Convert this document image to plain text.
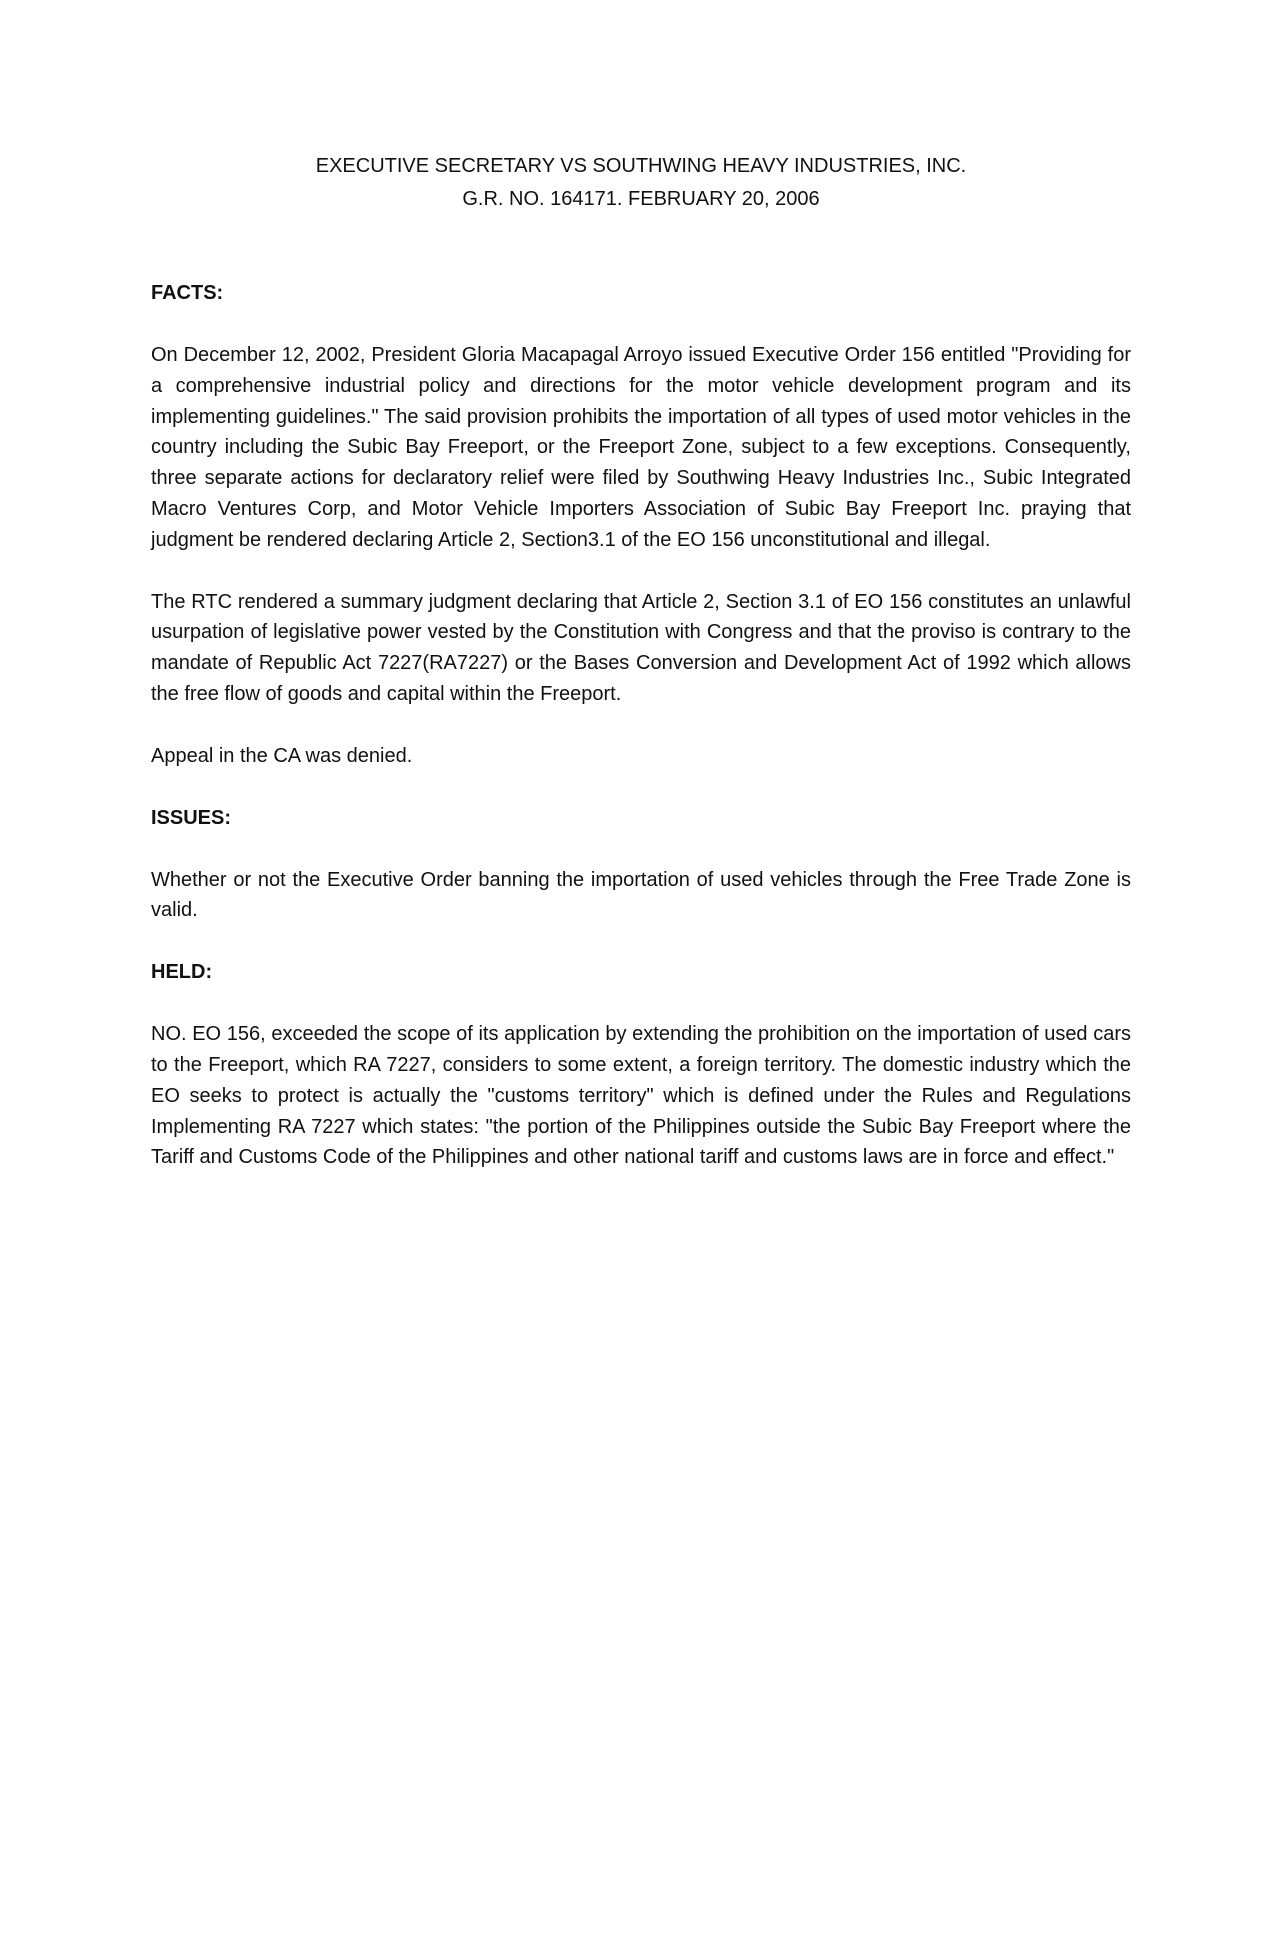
EXECUTIVE SECRETARY VS SOUTHWING HEAVY INDUSTRIES, INC.
G.R. NO. 164171. FEBRUARY 20, 2006

FACTS:

On December 12, 2002, President Gloria Macapagal Arroyo issued Executive Order 156 entitled "Providing for a comprehensive industrial policy and directions for the motor vehicle development program and its implementing guidelines." The said provision prohibits the importation of all types of used motor vehicles in the country including the Subic Bay Freeport, or the Freeport Zone, subject to a few exceptions. Consequently, three separate actions for declaratory relief were filed by Southwing Heavy Industries Inc., Subic Integrated Macro Ventures Corp, and Motor Vehicle Importers Association of Subic Bay Freeport Inc. praying that judgment be rendered declaring Article 2, Section3.1 of the EO 156 unconstitutional and illegal.

The RTC rendered a summary judgment declaring that Article 2, Section 3.1 of EO 156 constitutes an unlawful usurpation of legislative power vested by the Constitution with Congress and that the proviso is contrary to the mandate of Republic Act 7227(RA7227) or the Bases Conversion and Development Act of 1992 which allows the free flow of goods and capital within the Freeport.

Appeal in the CA was denied.

ISSUES:

Whether or not the Executive Order banning the importation of used vehicles through the Free Trade Zone is valid.

HELD:

NO. EO 156, exceeded the scope of its application by extending the prohibition on the importation of used cars to the Freeport, which RA 7227, considers to some extent, a foreign territory. The domestic industry which the EO seeks to protect is actually the "customs territory" which is defined under the Rules and Regulations Implementing RA 7227 which states: "the portion of the Philippines outside the Subic Bay Freeport where the Tariff and Customs Code of the Philippines and other national tariff and customs laws are in force and effect."
